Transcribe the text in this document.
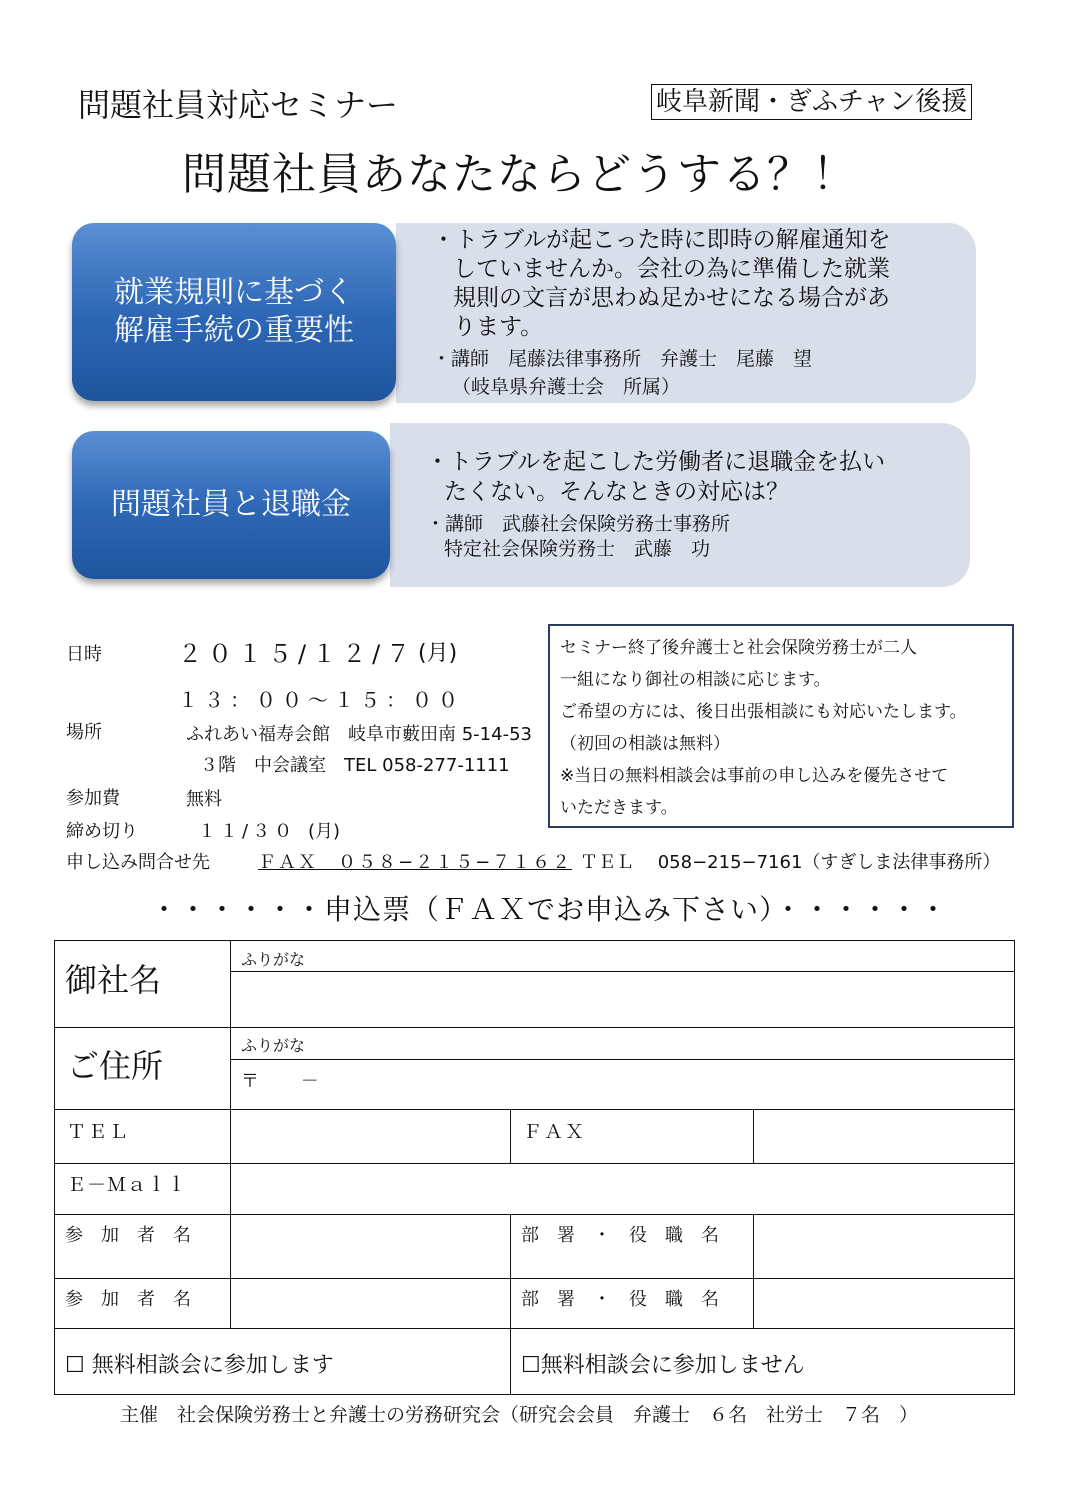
問題社員対応セミナー	岐阜新聞・ぎふチャン後援
問題社員あなたならどうする？！
就業規則に基づく
解雇手続の重要性
・トラブルが起こった時に即時の解雇通知を
していませんか。会社の為に準備した就業
規則の文言が思わぬ足かせになる場合があ
ります。
・講師　尾藤法律事務所　弁護士　尾藤　望
（岐阜県弁護士会　所属）
問題社員と退職金
・トラブルを起こした労働者に退職金を払い
たくない。そんなときの対応は？
・講師　武藤社会保険労務士事務所
特定社会保険労務士　武藤　功
日時	２０１５/１２/７ (月)
１３：００〜１５：００
場所	ふれあい福寿会館　岐阜市藪田南 5-14-53
３階　中会議室　TEL 058-277-1111
参加費	無料
締め切り	１１/３０ (月)
申し込み問合せ先	ＦＡＸ　０５８−２１５−７１６２ ＴＥＬ　 058−215−7161（すぎしま法律事務所）
セミナー終了後弁護士と社会保険労務士が二人
一組になり御社の相談に応じます。
ご希望の方には、後日出張相談にも対応いたします。
（初回の相談は無料）
※当日の無料相談会は事前の申し込みを優先させて
いただきます。
・・・・・・申込票（ＦＡＸでお申込み下さい）・・・・・・
御社名
ふりがな
ご住所
ふりがな
〒　　 －
ＴＥＬ	ＦＡＸ
Ｅ－Ｍａｌｌ
参　加　者　名	部　署　・　役　職　名
参　加　者　名	部　署　・　役　職　名
☐ 無料相談会に参加します	☐無料相談会に参加しません
主催　社会保険労務士と弁護士の労務研究会（研究会会員　弁護士　６名　社労士　７名　）
